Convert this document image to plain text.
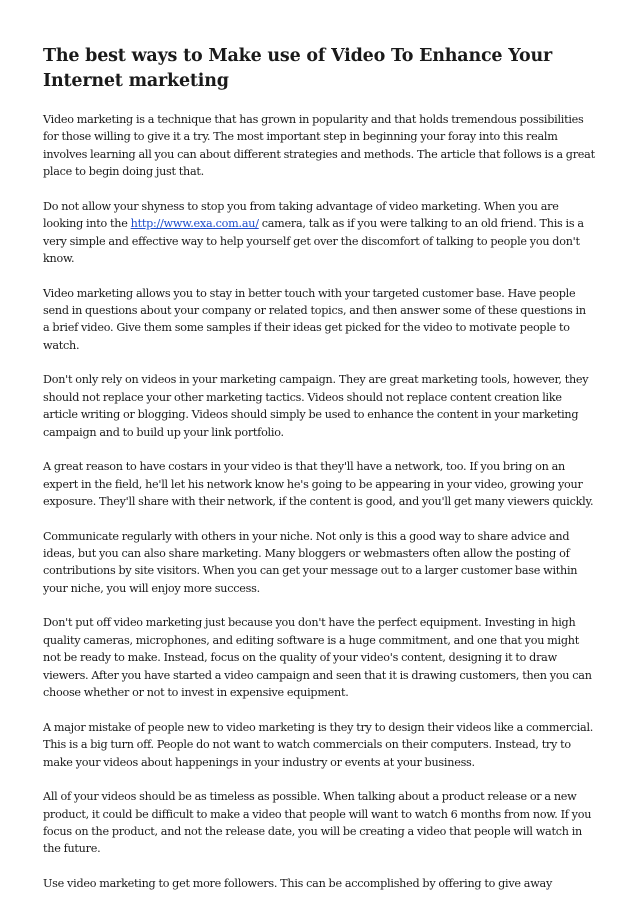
The best ways to Make use of Video To Enhance Your Internet marketing

Video marketing is a technique that has grown in popularity and that holds tremendous possibilities for those willing to give it a try. The most important step in beginning your foray into this realm involves learning all you can about different strategies and methods. The article that follows is a great place to begin doing just that.

Do not allow your shyness to stop you from taking advantage of video marketing. When you are looking into the http://www.exa.com.au/ camera, talk as if you were talking to an old friend. This is a very simple and effective way to help yourself get over the discomfort of talking to people you don't know.

Video marketing allows you to stay in better touch with your targeted customer base. Have people send in questions about your company or related topics, and then answer some of these questions in a brief video. Give them some samples if their ideas get picked for the video to motivate people to watch.

Don't only rely on videos in your marketing campaign. They are great marketing tools, however, they should not replace your other marketing tactics. Videos should not replace content creation like article writing or blogging. Videos should simply be used to enhance the content in your marketing campaign and to build up your link portfolio.

A great reason to have costars in your video is that they'll have a network, too. If you bring on an expert in the field, he'll let his network know he's going to be appearing in your video, growing your exposure. They'll share with their network, if the content is good, and you'll get many viewers quickly.

Communicate regularly with others in your niche. Not only is this a good way to share advice and ideas, but you can also share marketing. Many bloggers or webmasters often allow the posting of contributions by site visitors. When you can get your message out to a larger customer base within your niche, you will enjoy more success.

Don't put off video marketing just because you don't have the perfect equipment. Investing in high quality cameras, microphones, and editing software is a huge commitment, and one that you might not be ready to make. Instead, focus on the quality of your video's content, designing it to draw viewers. After you have started a video campaign and seen that it is drawing customers, then you can choose whether or not to invest in expensive equipment.

A major mistake of people new to video marketing is they try to design their videos like a commercial. This is a big turn off. People do not want to watch commercials on their computers. Instead, try to make your videos about happenings in your industry or events at your business.

All of your videos should be as timeless as possible. When talking about a product release or a new product, it could be difficult to make a video that people will want to watch 6 months from now. If you focus on the product, and not the release date, you will be creating a video that people will watch in the future.

Use video marketing to get more followers. This can be accomplished by offering to give away
